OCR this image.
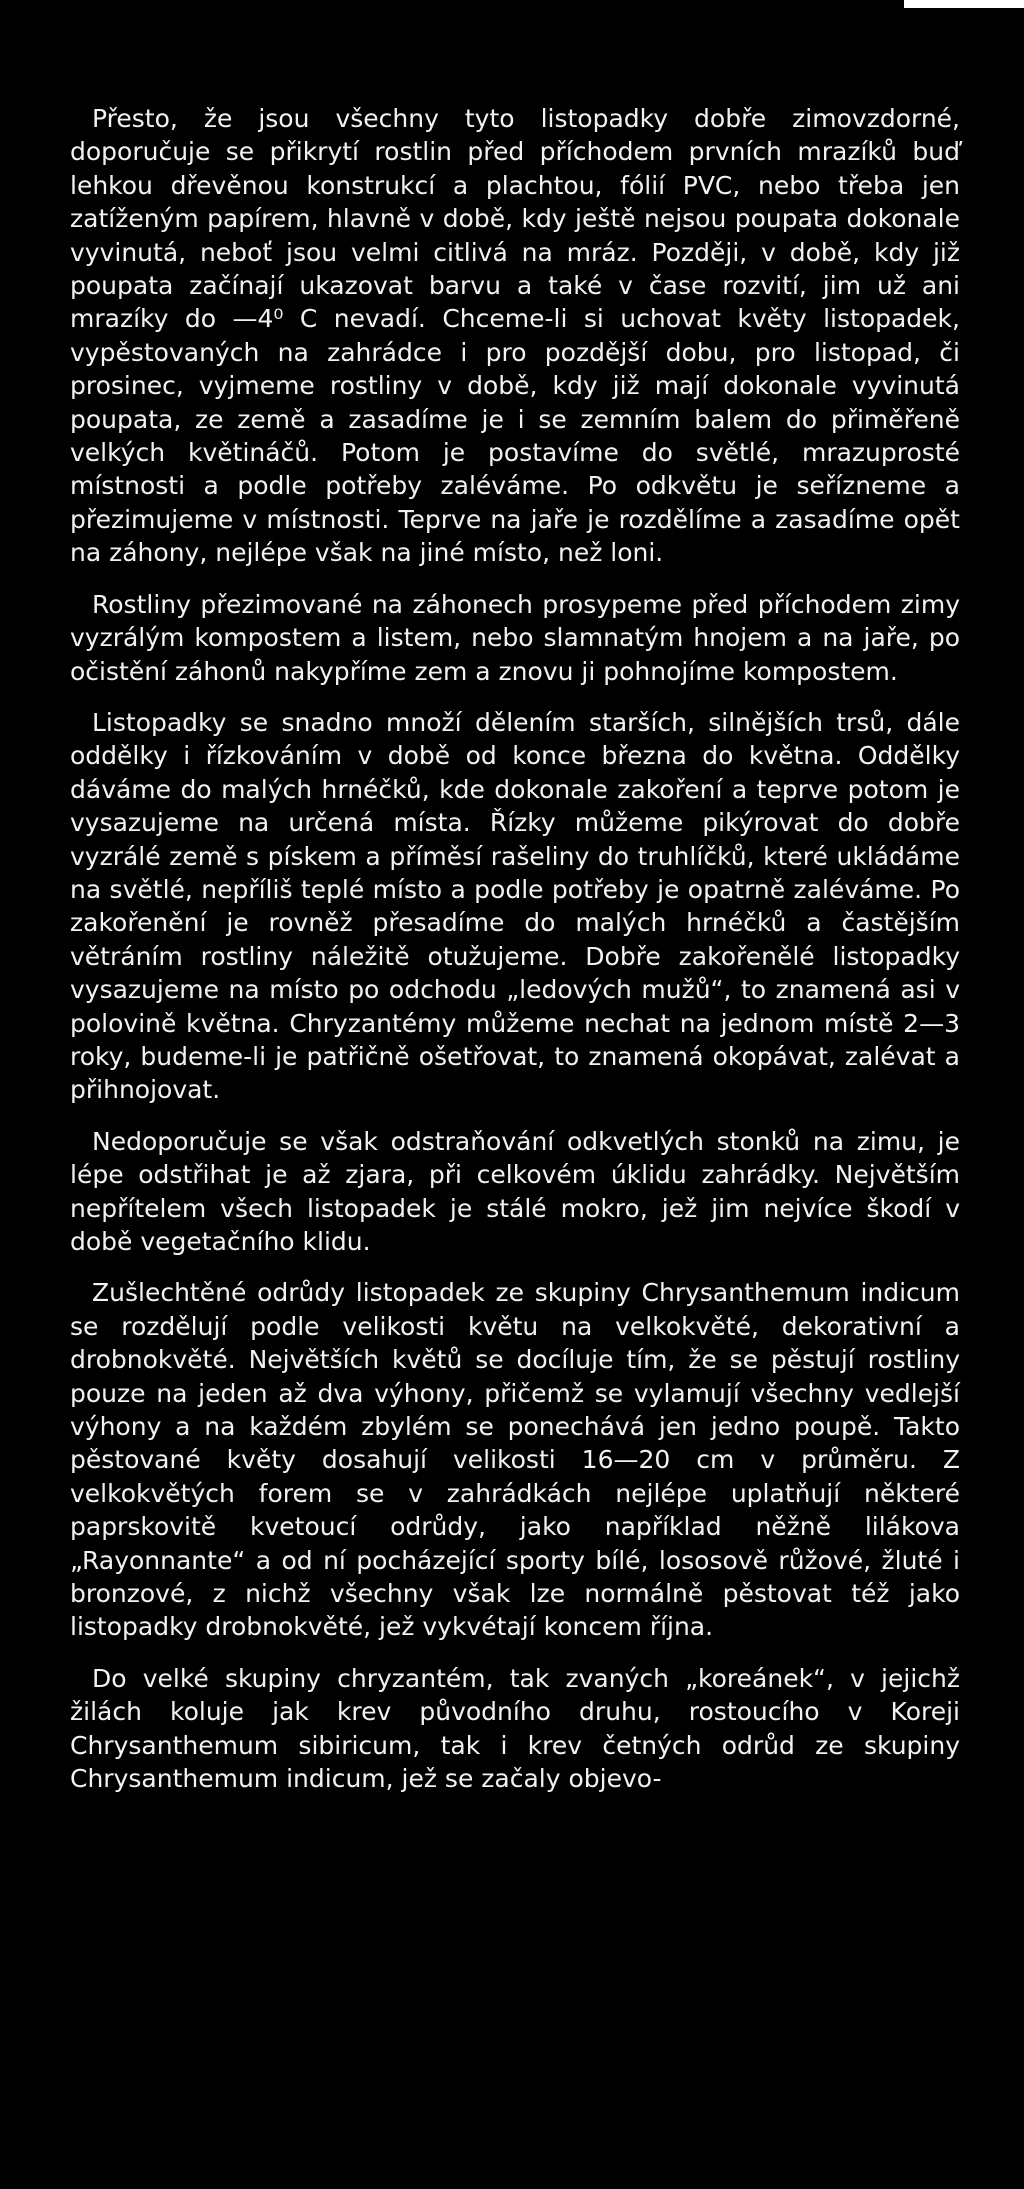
Přesto, že jsou všechny tyto listopadky dobře zimovzdorné, doporučuje se přikrytí rostlin před příchodem prvních mrazíků buď lehkou dřevěnou konstrukcí a plachtou, fólií PVC, nebo třeba jen zatíženým papírem, hlavně v době, kdy ještě nejsou poupata dokonale vyvinutá, neboť jsou velmi citlivá na mráz. Později, v době, kdy již poupata začínají ukazovat barvu a také v čase rozvití, jim už ani mrazíky do —4⁰ C nevadí. Chceme-li si uchovat květy listopadek, vypěstovaných na zahrádce i pro pozdější dobu, pro listopad, či prosinec, vyjmeme rostliny v době, kdy již mají dokonale vyvinutá poupata, ze země a zasadíme je i se zemním balem do přiměřeně velkých květináčů. Potom je postavíme do světlé, mrazuprosté místnosti a podle potřeby zaléváme. Po odkvětu je seřízneme a přezimujeme v místnosti. Teprve na jaře je rozdělíme a zasadíme opět na záhony, nejlépe však na jiné místo, než loni.

Rostliny přezimované na záhonech prosypeme před příchodem zimy vyzrálým kompostem a listem, nebo slamnatým hnojem a na jaře, po očistění záhonů nakypříme zem a znovu ji pohnojíme kompostem.

Listopadky se snadno množí dělením starších, silnějších trsů, dále oddělky i řízkováním v době od konce března do května. Oddělky dáváme do malých hrnéčků, kde dokonale zakoření a teprve potom je vysazujeme na určená místa. Řízky můžeme pikýrovat do dobře vyzrálé země s pískem a příměsí rašeliny do truhlíčků, které ukládáme na světlé, nepříliš teplé místo a podle potřeby je opatrně zaléváme. Po zakořenění je rovněž přesadíme do malých hrnéčků a častějším větráním rostliny náležitě otužujeme. Dobře zakořenělé listopadky vysazujeme na místo po odchodu „ledových mužů“, to znamená asi v polovině května. Chryzantémy můžeme nechat na jednom místě 2—3 roky, budeme-li je patřičně ošetřovat, to znamená okopávat, zalévat a přihnojovat.

Nedoporučuje se však odstraňování odkvetlých stonků na zimu, je lépe odstřihat je až zjara, při celkovém úklidu zahrádky. Největším nepřítelem všech listopadek je stálé mokro, jež jim nejvíce škodí v době vegetačního klidu.

Zušlechtěné odrůdy listopadek ze skupiny Chrysanthemum indicum se rozdělují podle velikosti květu na velkokvěté, dekorativní a drobnokvěté. Největších květů se docíluje tím, že se pěstují rostliny pouze na jeden až dva výhony, přičemž se vylamují všechny vedlejší výhony a na každém zbylém se ponechává jen jedno poupě. Takto pěstované květy dosahují velikosti 16—20 cm v průměru. Z velkokvětých forem se v zahrádkách nejlépe uplatňují některé paprskovitě kvetoucí odrůdy, jako například něžně lilákova „Rayonnante“ a od ní pocházející sporty bílé, lososově růžové, žluté i bronzové, z nichž všechny však lze normálně pěstovat též jako listopadky drobnokvěté, jež vykvétají koncem října.

Do velké skupiny chryzantém, tak zvaných „koreánek“, v jejichž žilách koluje jak krev původního druhu, rostoucího v Koreji Chrysanthemum sibiricum, tak i krev četných odrůd ze skupiny Chrysanthemum indicum, jež se začaly objevo-
